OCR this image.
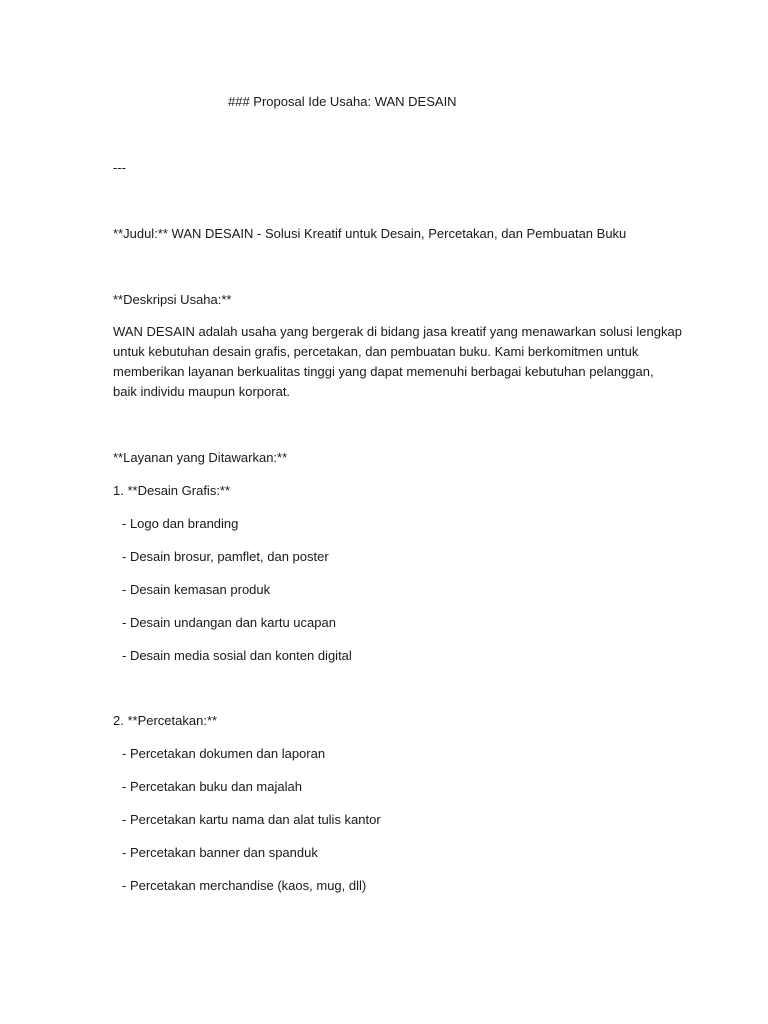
### Proposal Ide Usaha: WAN DESAIN
---
**Judul:** WAN DESAIN - Solusi Kreatif untuk Desain, Percetakan, dan Pembuatan Buku
**Deskripsi Usaha:**
WAN DESAIN adalah usaha yang bergerak di bidang jasa kreatif yang menawarkan solusi lengkap
untuk kebutuhan desain grafis, percetakan, dan pembuatan buku. Kami berkomitmen untuk
memberikan layanan berkualitas tinggi yang dapat memenuhi berbagai kebutuhan pelanggan,
baik individu maupun korporat.
**Layanan yang Ditawarkan:**
1. **Desain Grafis:**
- Logo dan branding
- Desain brosur, pamflet, dan poster
- Desain kemasan produk
- Desain undangan dan kartu ucapan
- Desain media sosial dan konten digital
2. **Percetakan:**
- Percetakan dokumen dan laporan
- Percetakan buku dan majalah
- Percetakan kartu nama dan alat tulis kantor
- Percetakan banner dan spanduk
- Percetakan merchandise (kaos, mug, dll)
